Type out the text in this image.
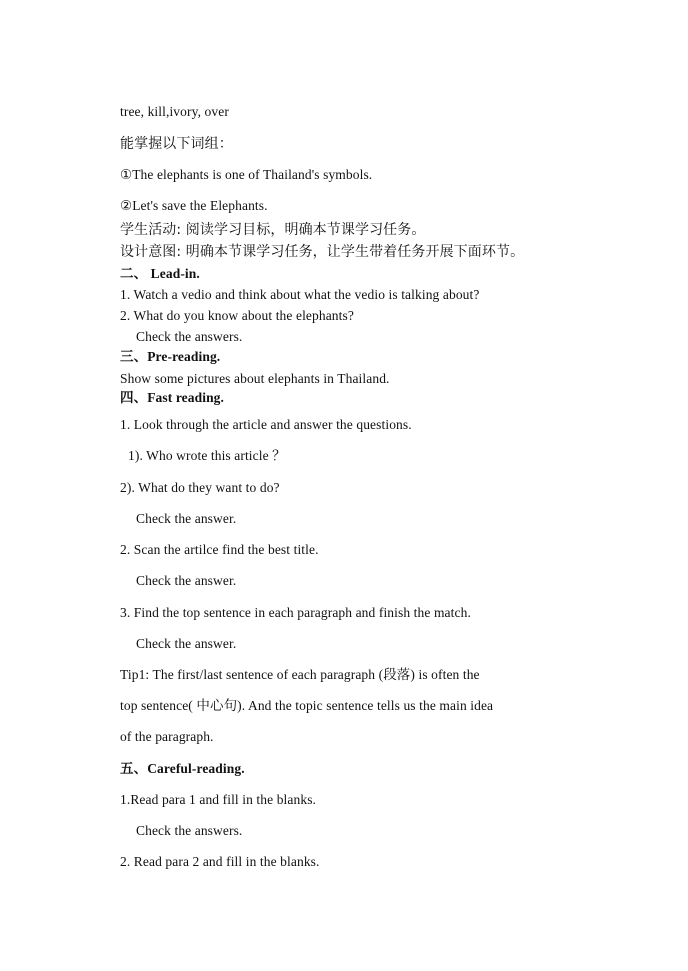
tree, kill,ivory, over
能掌握以下词组：
①The elephants is one of Thailand's symbols.
②Let's save the Elephants.
学生活动: 阅读学习目标，明确本节课学习任务。
设计意图: 明确本节课学习任务，让学生带着任务开展下面环节。
二、 Lead-in.
1. Watch a vedio and think about what the vedio is talking about?
2. What do you know about the elephants?
Check the answers.
三、Pre-reading.
Show some pictures about elephants in Thailand.
四、Fast reading.
1. Look through the article and answer the questions.
1). Who wrote this article ？
2). What do they want to do?
Check the answer.
2. Scan the artilce find the best title.
Check the answer.
3. Find the top sentence in each paragraph and finish the match.
Check the answer.
Tip1: The first/last sentence of each paragraph (段落) is often the
top sentence( 中心句). And the topic sentence tells us the main idea
of the paragraph.
五、Careful-reading.
1.Read para 1 and fill in the blanks.
Check the answers.
2. Read para 2 and fill in the blanks.
